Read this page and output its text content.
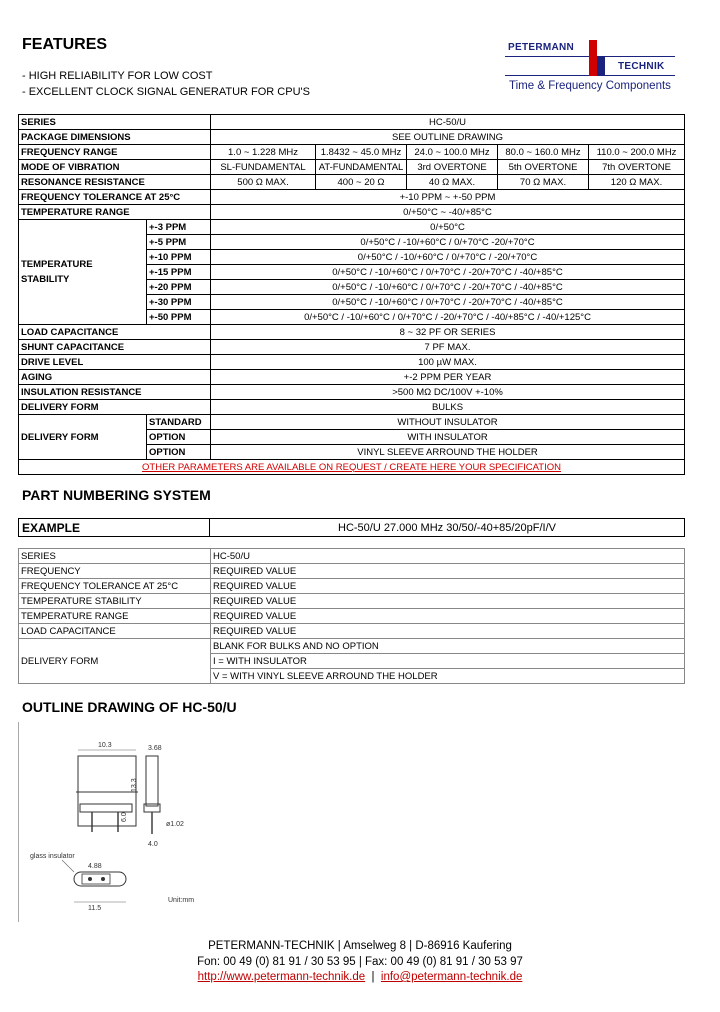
FEATURES
- HIGH RELIABILITY FOR LOW COST
- EXCELLENT CLOCK SIGNAL GENERATUR FOR CPU'S
PETERMANN
TECHNIK
Time & Frequency Components
SERIES		HC-50/U				
PACKAGE DIMENSIONS		SEE OUTLINE DRAWING				
FREQUENCY RANGE		1.0 ~ 1.228 MHz	1.8432 ~ 45.0 MHz	24.0 ~ 100.0 MHz	80.0 ~ 160.0 MHz	110.0 ~ 200.0 MHz
MODE OF VIBRATION		SL-FUNDAMENTAL	AT-FUNDAMENTAL	3rd OVERTONE	5th OVERTONE	7th OVERTONE
RESONANCE RESISTANCE		500 Ω MAX.	400 ~ 20 Ω	40 Ω MAX.	70 Ω MAX.	120 Ω MAX.
FREQUENCY TOLERANCE AT 25°C		+-10 PPM ~ +-50 PPM				
TEMPERATURE RANGE		0/+50°C ~ -40/+85°C				
TEMPERATURE
STABILITY	+-3 PPM	0/+50°C				
	+-5 PPM	0/+50°C / -10/+60°C / 0/+70°C -20/+70°C				
	+-10 PPM	0/+50°C / -10/+60°C / 0/+70°C / -20/+70°C				
	+-15 PPM	0/+50°C / -10/+60°C / 0/+70°C / -20/+70°C / -40/+85°C				
	+-20 PPM	0/+50°C / -10/+60°C / 0/+70°C / -20/+70°C / -40/+85°C				
	+-30 PPM	0/+50°C / -10/+60°C / 0/+70°C / -20/+70°C / -40/+85°C				
	+-50 PPM	0/+50°C / -10/+60°C / 0/+70°C / -20/+70°C / -40/+85°C / -40/+125°C				
LOAD CAPACITANCE		8 ~ 32 PF OR SERIES				
SHUNT CAPACITANCE		7 PF MAX.				
DRIVE LEVEL		100 µW MAX.				
AGING		+-2 PPM PER YEAR				
INSULATION RESISTANCE		>500 MΩ DC/100V +-10%				
DELIVERY FORM		BULKS				
DELIVERY FORM	STANDARD	WITHOUT INSULATOR				
	OPTION	WITH INSULATOR				
	OPTION	VINYL SLEEVE ARROUND THE HOLDER				
OTHER PARAMETERS ARE AVAILABLE ON REQUEST / CREATE HERE YOUR SPECIFICATION						
PART NUMBERING SYSTEM
EXAMPLE	HC-50/U 27.000 MHz 30/50/-40+85/20pF/I/V
SERIES	HC-50/U
FREQUENCY	REQUIRED VALUE
FREQUENCY TOLERANCE AT 25°C	REQUIRED VALUE
TEMPERATURE STABILITY	REQUIRED VALUE
TEMPERATURE RANGE	REQUIRED VALUE
LOAD CAPACITANCE	REQUIRED VALUE
DELIVERY FORM	BLANK FOR BULKS AND NO OPTION
	I = WITH INSULATOR
	V = WITH VINYL SLEEVE ARROUND THE HOLDER
OUTLINE DRAWING OF HC-50/U
10.3	3.68
13.3
6.0
4.0
ø1.02
glass insulator
4.88
11.5
Unit:mm
PETERMANN-TECHNIK | Amselweg 8 | D-86916 Kaufering
Fon: 00 49 (0) 81 91 / 30 53 95 | Fax: 00 49 (0) 81 91 / 30 53 97
http://www.petermann-technik.de  |  info@petermann-technik.de
